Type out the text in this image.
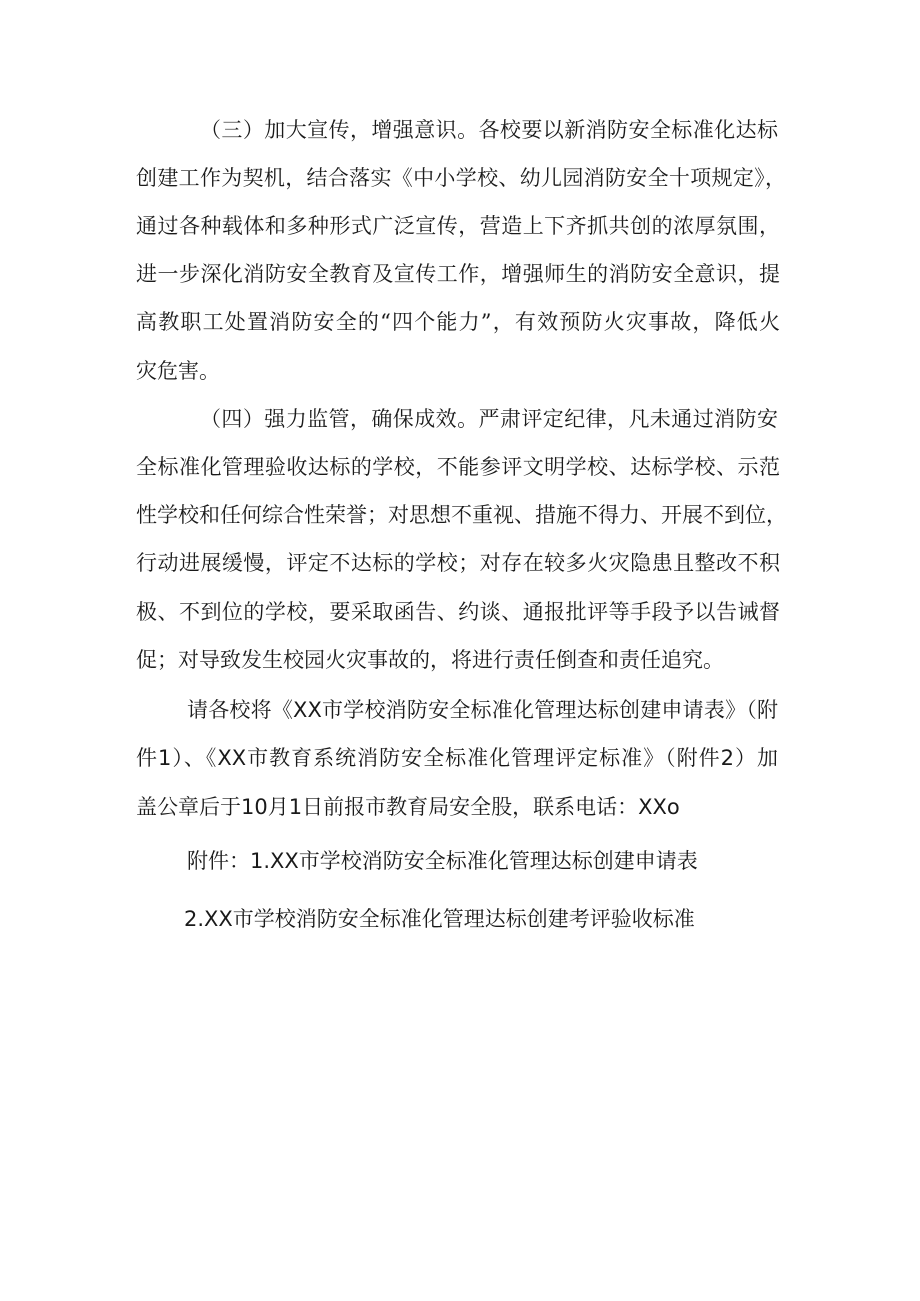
（三）加大宣传，增强意识。各校要以新消防安全标准化达标
创建工作为契机，结合落实《中小学校、幼儿园消防安全十项规定》，
通过各种载体和多种形式广泛宣传，营造上下齐抓共创的浓厚氛围，
进一步深化消防安全教育及宣传工作，增强师生的消防安全意识，提
高教职工处置消防安全的“四个能力”，有效预防火灾事故，降低火
灾危害。
（四）强力监管，确保成效。严肃评定纪律，凡未通过消防安
全标准化管理验收达标的学校，不能参评文明学校、达标学校、示范
性学校和任何综合性荣誉；对思想不重视、措施不得力、开展不到位，
行动进展缓慢，评定不达标的学校；对存在较多火灾隐患且整改不积
极、不到位的学校，要采取函告、约谈、通报批评等手段予以告诫督
促；对导致发生校园火灾事故的，将进行责任倒查和责任追究。
请各校将《XX市学校消防安全标准化管理达标创建申请表》（附
件1）、《XX市教育系统消防安全标准化管理评定标准》（附件2）加
盖公章后于10月1日前报市教育局安全股，联系电话：XXo
附件：1.XX市学校消防安全标准化管理达标创建申请表
2.XX市学校消防安全标准化管理达标创建考评验收标准
